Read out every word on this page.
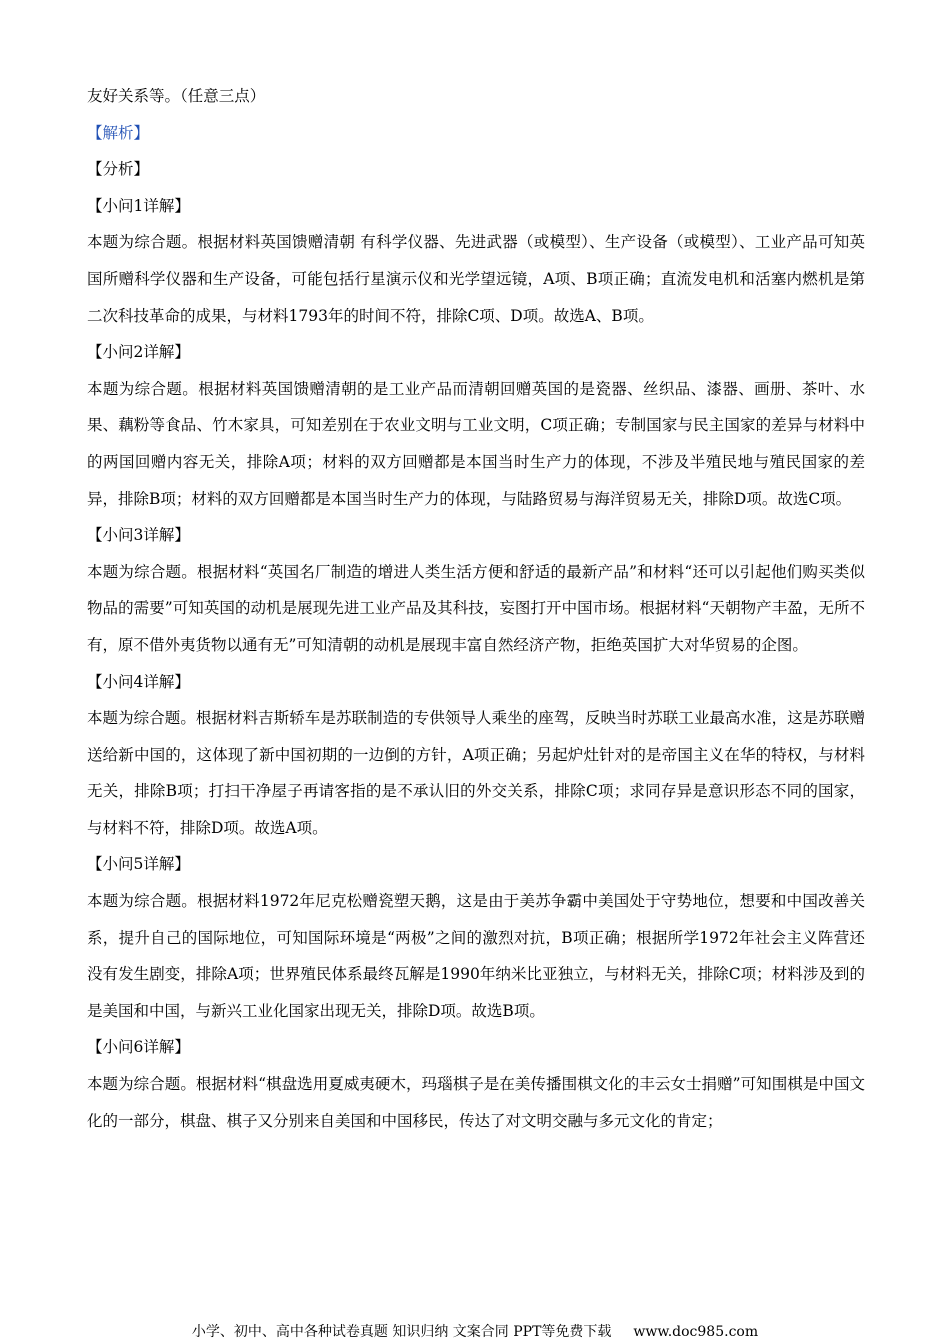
友好关系等。（任意三点）
【解析】
【分析】
【小问1详解】
本题为综合题。根据材料英国馈赠清朝 有科学仪器、先进武器（或模型）、生产设备（或模型）、工业产品可知英国所赠科学仪器和生产设备，可能包括行星演示仪和光学望远镜，A项、B项正确；直流发电机和活塞内燃机是第二次科技革命的成果，与材料1793年的时间不符，排除C项、D项。故选A、B项。
【小问2详解】
本题为综合题。根据材料英国馈赠清朝的是工业产品而清朝回赠英国的是瓷器、丝织品、漆器、画册、茶叶、水果、藕粉等食品、竹木家具，可知差别在于农业文明与工业文明，C项正确；专制国家与民主国家的差异与材料中的两国回赠内容无关，排除A项；材料的双方回赠都是本国当时生产力的体现，不涉及半殖民地与殖民国家的差异，排除B项；材料的双方回赠都是本国当时生产力的体现，与陆路贸易与海洋贸易无关，排除D项。故选C项。
【小问3详解】
本题为综合题。根据材料“英国名厂制造的增进人类生活方便和舒适的最新产品”和材料“还可以引起他们购买类似物品的需要”可知英国的动机是展现先进工业产品及其科技，妄图打开中国市场。根据材料“天朝物产丰盈，无所不有，原不借外夷货物以通有无”可知清朝的动机是展现丰富自然经济产物，拒绝英国扩大对华贸易的企图。
【小问4详解】
本题为综合题。根据材料吉斯轿车是苏联制造的专供领导人乘坐的座驾，反映当时苏联工业最高水准，这是苏联赠送给新中国的，这体现了新中国初期的一边倒的方针，A项正确；另起炉灶针对的是帝国主义在华的特权，与材料无关，排除B项；打扫干净屋子再请客指的是不承认旧的外交关系，排除C项；求同存异是意识形态不同的国家，与材料不符，排除D项。故选A项。
【小问5详解】
本题为综合题。根据材料1972年尼克松赠瓷塑天鹅，这是由于美苏争霸中美国处于守势地位，想要和中国改善关系，提升自己的国际地位，可知国际环境是“两极”之间的激烈对抗，B项正确；根据所学1972年社会主义阵营还没有发生剧变，排除A项；世界殖民体系最终瓦解是1990年纳米比亚独立，与材料无关，排除C项；材料涉及到的是美国和中国，与新兴工业化国家出现无关，排除D项。故选B项。
【小问6详解】
本题为综合题。根据材料“棋盘选用夏威夷硬木，玛瑙棋子是在美传播围棋文化的丰云女士捐赠”可知围棋是中国文化的一部分，棋盘、棋子又分别来自美国和中国移民，传达了对文明交融与多元文化的肯定；
小学、初中、高中各种试卷真题 知识归纳 文案合同 PPT等免费下载 www.doc985.com
